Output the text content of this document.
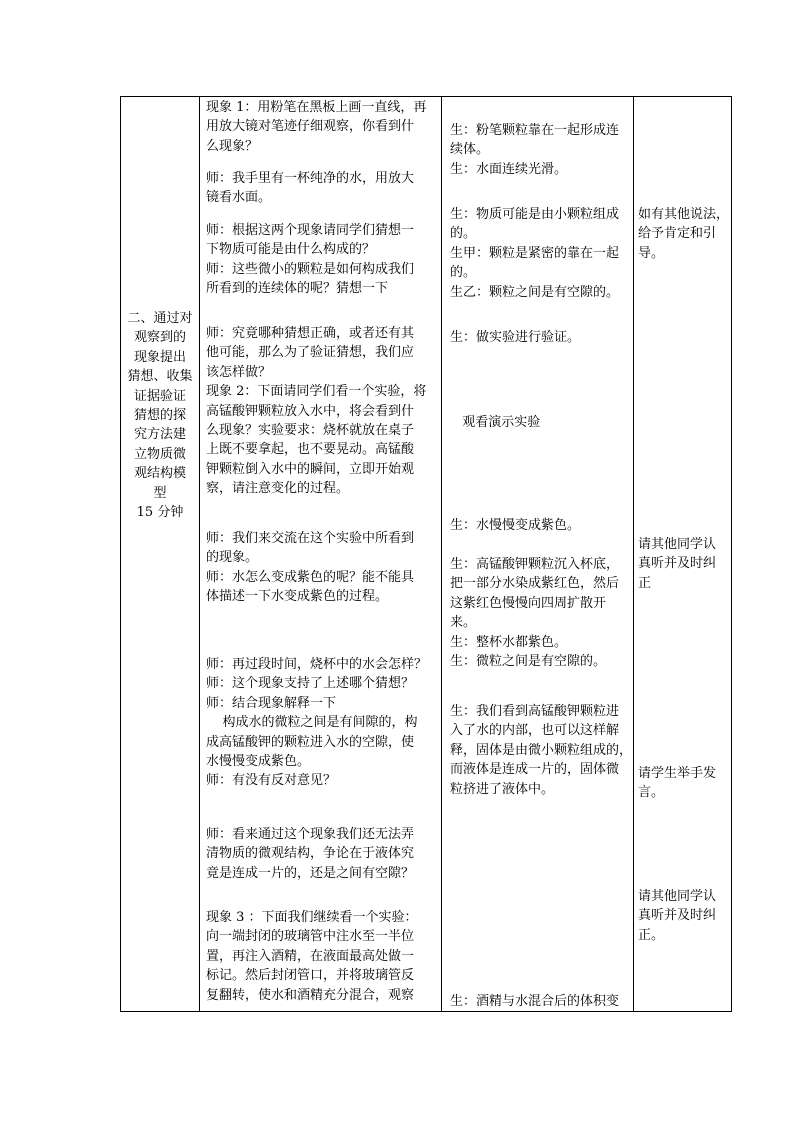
二、通过对
观察到的
现象提出
猜想、收集
证据验证
猜想的探
究方法建
立物质微
观结构模
型
15 分钟
现象 1：用粉笔在黑板上画一直线，再
用放大镜对笔迹仔细观察，你看到什
么现象？
师：我手里有一杯纯净的水，用放大
镜看水面。
师：根据这两个现象请同学们猜想一
下物质可能是由什么构成的？
师：这些微小的颗粒是如何构成我们
所看到的连续体的呢？猜想一下
师：究竟哪种猜想正确，或者还有其
他可能，那么为了验证猜想，我们应
该怎样做？
现象 2：下面请同学们看一个实验，将
高锰酸钾颗粒放入水中，将会看到什
么现象？实验要求：烧杯就放在桌子
上既不要拿起，也不要晃动。高锰酸
钾颗粒倒入水中的瞬间，立即开始观
察，请注意变化的过程。
师：我们来交流在这个实验中所看到
的现象。
师：水怎么变成紫色的呢？能不能具
体描述一下水变成紫色的过程。
师：再过段时间，烧杯中的水会怎样？
师：这个现象支持了上述哪个猜想？
师：结合现象解释一下
构成水的微粒之间是有间隙的，构
成高锰酸钾的颗粒进入水的空隙，使
水慢慢变成紫色。
师：有没有反对意见？
师：看来通过这个现象我们还无法弄
清物质的微观结构，争论在于液体究
竟是连成一片的，还是之间有空隙？
现象 3 ：下面我们继续看一个实验：
向一端封闭的玻璃管中注水至一半位
置，再注入酒精，在液面最高处做一
标记。然后封闭管口，并将玻璃管反
复翻转，使水和酒精充分混合，观察
生：粉笔颗粒靠在一起形成连
续体。
生：水面连续光滑。
生：物质可能是由小颗粒组成
的。
生甲：颗粒是紧密的靠在一起
的。
生乙：颗粒之间是有空隙的。
生：做实验进行验证。
观看演示实验
生：水慢慢变成紫色。
生：高锰酸钾颗粒沉入杯底，
把一部分水染成紫红色，然后
这紫红色慢慢向四周扩散开
来。
生：整杯水都紫色。
生：微粒之间是有空隙的。
生：我们看到高锰酸钾颗粒进
入了水的内部，也可以这样解
释，固体是由微小颗粒组成的，
而液体是连成一片的，固体微
粒挤进了液体中。
生：酒精与水混合后的体积变
如有其他说法，
给予肯定和引
导。
请其他同学认
真听并及时纠
正
请学生举手发
言。
请其他同学认
真听并及时纠
正。
